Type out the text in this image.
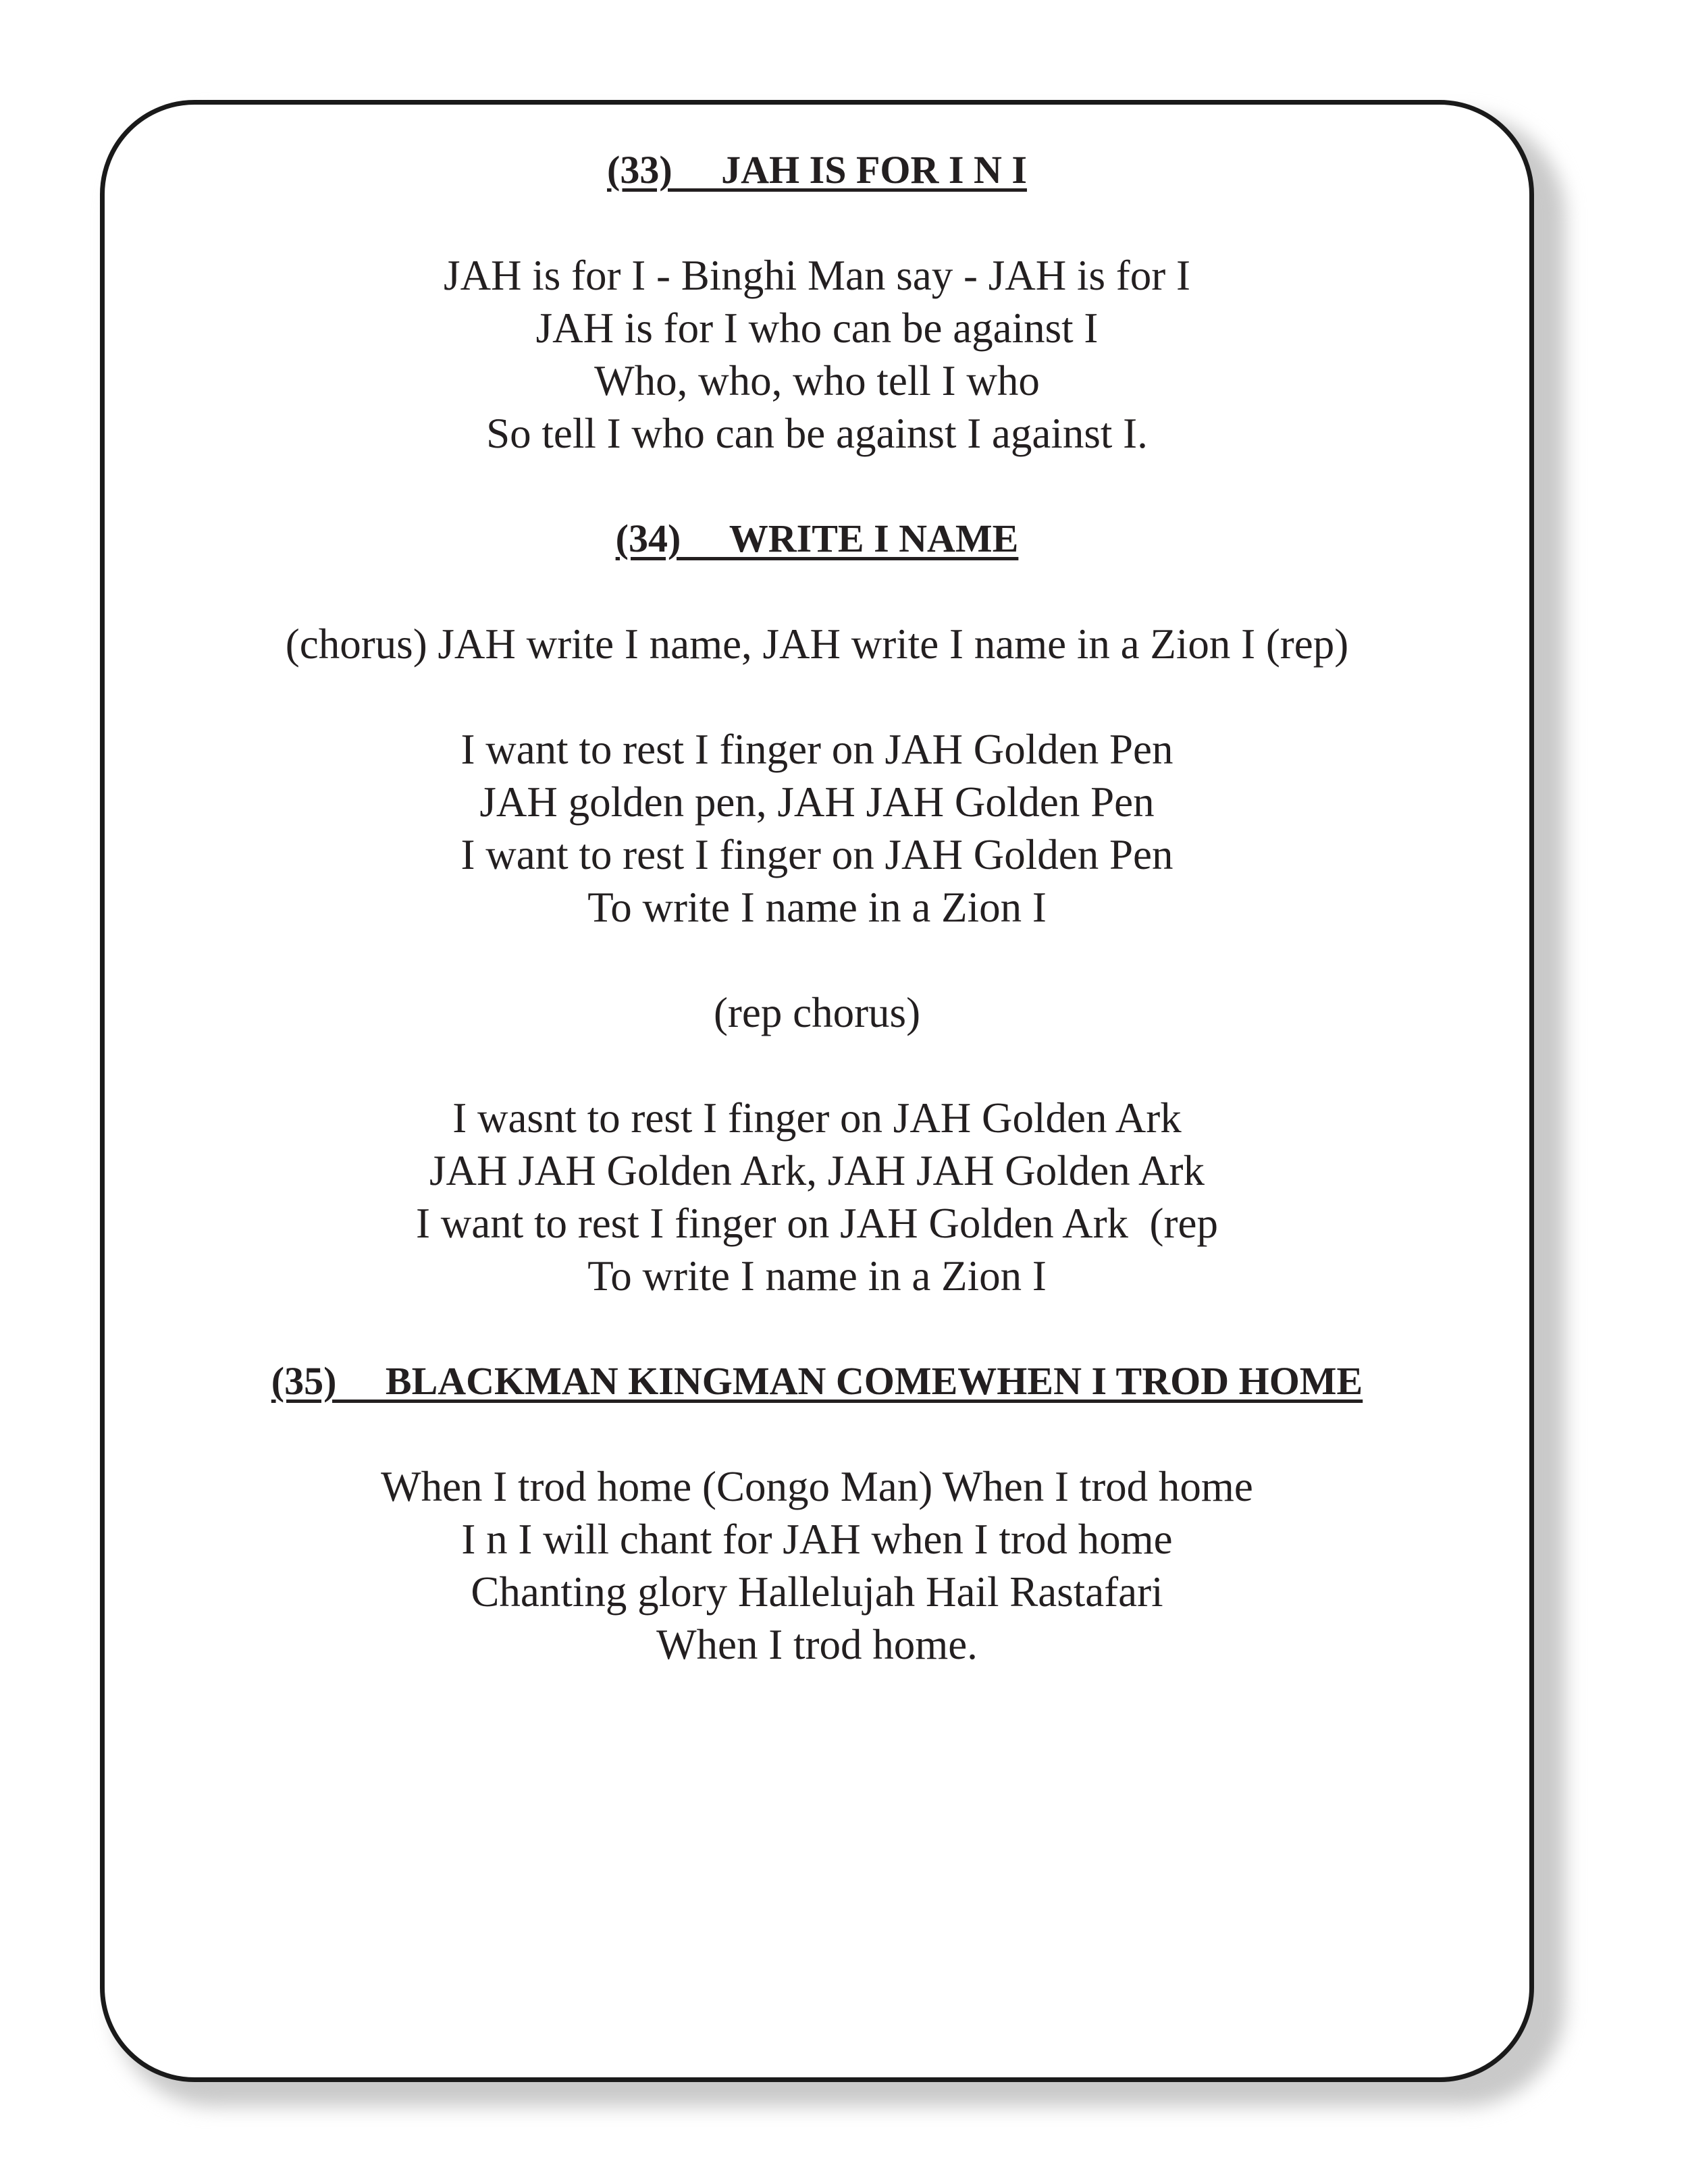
(33)     JAH IS FOR I N I

JAH is for I - Binghi Man say - JAH is for I

JAH is for I who can be against I

Who, who, who tell I who

So tell I who can be against I against I.

(34)     WRITE I NAME

(chorus) JAH write I name, JAH write I name in a Zion I (rep)

I want to rest I finger on JAH Golden Pen

JAH golden pen, JAH JAH Golden Pen

I want to rest I finger on JAH Golden Pen

To write I name in a Zion I

(rep chorus)

I wasnt to rest I finger on JAH Golden Ark

JAH JAH Golden Ark, JAH JAH Golden Ark

I want to rest I finger on JAH Golden Ark  (rep

To write I name in a Zion I

(35)     BLACKMAN KINGMAN COMEWHEN I TROD HOME

When I trod home (Congo Man) When I trod home

I n I will chant for JAH when I trod home

Chanting glory Hallelujah Hail Rastafari

When I trod home.
